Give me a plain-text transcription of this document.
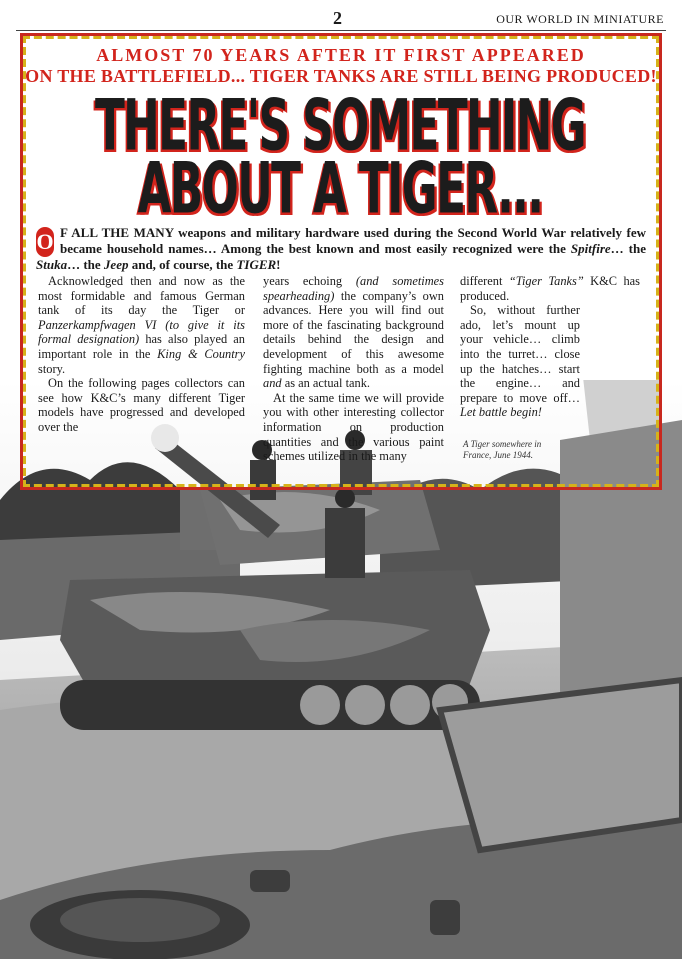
2	OUR WORLD IN MINIATURE
ALMOST 70 YEARS AFTER IT FIRST APPEARED
ON THE BATTLEFIELD... TIGER TANKS ARE STILL BEING PRODUCED!
THERE'S SOMETHING
ABOUT A TIGER...
O F ALL THE MANY weapons and military hardware used during the Second World War relatively few became household names… Among the best known and most easily recognized were the Spitfire… the Stuka… the Jeep and, of course, the TIGER!

Acknowledged then and now as the most formidable and famous German tank of its day the Tiger or Panzerkampfwagen VI (to give it its formal designation) has also played an important role in the King & Country story.

On the following pages collectors can see how K&C’s many different Tiger models have progressed and developed over the

years echoing (and sometimes spearheading) the company’s own advances. Here you will find out more of the fascinating background details behind the design and development of this awesome fighting machine both as a model and as an actual tank.

At the same time we will provide you with other interesting collector information on production quantities and the various paint schemes utilized in the many

different “Tiger Tanks” K&C has produced.

So, without further ado, let’s mount up your vehicle… climb into the turret… close up the hatches… start the engine… and prepare to move off… Let battle begin!

A Tiger somewhere in France, June 1944.
